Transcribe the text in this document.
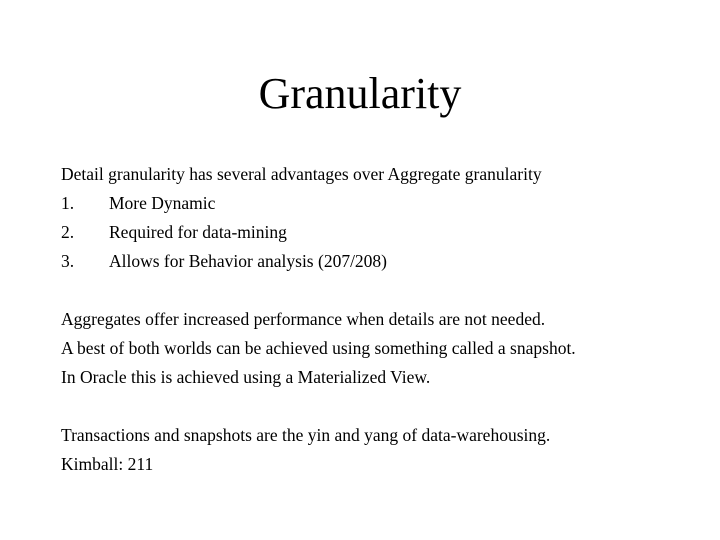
Granularity
Detail granularity has several advantages over Aggregate granularity
1. More Dynamic
2. Required for data-mining
3. Allows for Behavior analysis (207/208)
Aggregates offer increased performance when details are not needed.
A best of both worlds can be achieved using something called a snapshot.
In Oracle this is achieved using a Materialized View.
Transactions and snapshots are the yin and yang of data-warehousing.
Kimball: 211
